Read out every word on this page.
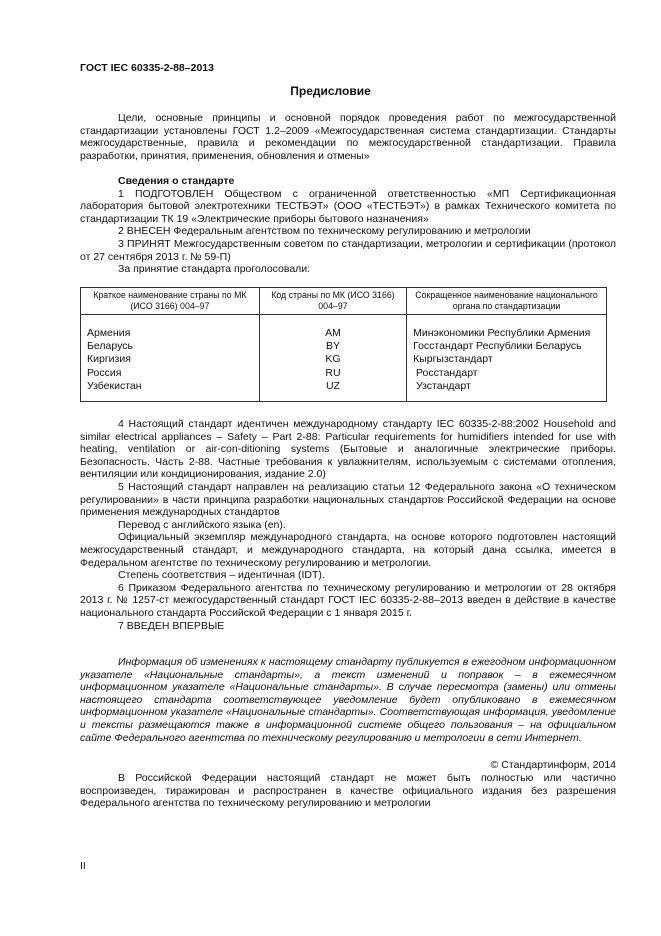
ГОСТ IEC 60335-2-88–2013
Предисловие

Цели, основные принципы и основной порядок проведения работ по межгосударственной стандартизации установлены ГОСТ 1.2–2009 «Межгосударственная система стандартизации. Стандарты межгосударственные, правила и рекомендации по межгосударственной стандартизации. Правила разработки, принятия, применения, обновления и отмены»

Сведения о стандарте

1 ПОДГОТОВЛЕН Обществом с ограниченной ответственностью «МП Сертификационная лаборатория бытовой электротехники ТЕСТБЭТ» (ООО «ТЕСТБЭТ») в рамках Технического комитета по стандартизации ТК 19 «Электрические приборы бытового назначения»

2 ВНЕСЕН Федеральным агентством по техническому регулированию и метрологии

3 ПРИНЯТ Межгосударственным советом по стандартизации, метрологии и сертификации (протокол от 27 сентября 2013 г. № 59-П)

За принятие стандарта проголосовали:

Краткое наименование страны по МК (ИСО 3166) 004–97	Код страны по МК (ИСО 3166) 004–97	Сокращенное наименование национального органа по стандартизации
Армения	AM	Минэкономики Республики Армения
Беларусь	BY	Госстандарт Республики Беларусь
Киргизия	KG	Кыргызстандарт
Россия	RU	Росстандарт
Узбекистан	UZ	Узстандарт

4 Настоящий стандарт идентичен международному стандарту IEC 60335-2-88:2002 Household and similar electrical appliances – Safety – Part 2-88: Particular requirements for humidifiers intended for use with heating, ventilation or air-con-ditioning systems (Бытовые и аналогичные электрические приборы. Безопасность. Часть 2-88. Частные требования к увлажнителям, используемым с системами отопления, вентиляции или кондиционирования, издание 2.0)

5 Настоящий стандарт направлен на реализацию статьи 12 Федерального закона «О техническом регулировании» в части принципа разработки национальных стандартов Российской Федерации на основе применения международных стандартов

Перевод с английского языка (en).

Официальный экземпляр международного стандарта, на основе которого подготовлен настоящий межгосударственный стандарт, и международного стандарта, на который дана ссылка, имеется в Федеральном агентстве по техническому регулированию и метрологии.

Степень соответствия – идентичная (IDT).

6 Приказом Федерального агентства по техническому регулированию и метрологии от 28 октября 2013 г. № 1257-ст межгосударственный стандарт ГОСТ IEC 60335-2-88–2013 введен в действие в качестве национального стандарта Российской Федерации с 1 января 2015 г.

7 ВВЕДЕН ВПЕРВЫЕ

Информация об изменениях к настоящему стандарту публикуется в ежегодном информационном указателе «Национальные стандарты», а текст изменений и поправок – в ежемесячном информационном указателе «Национальные стандарты». В случае пересмотра (замены) или отмены настоящего стандарта соответствующее уведомление будет опубликовано в ежемесячном информационном указателе «Национальные стандарты». Соответствующая информация, уведомление и тексты размещаются также в информационной системе общего пользования – на официальном сайте Федерального агентства по техническому регулированию и метрологии в сети Интернет.

© Стандартинформ, 2014

В Российской Федерации настоящий стандарт не может быть полностью или частично воспроизведен, тиражирован и распространен в качестве официального издания без разрешения Федерального агентства по техническому регулированию и метрологии

II
